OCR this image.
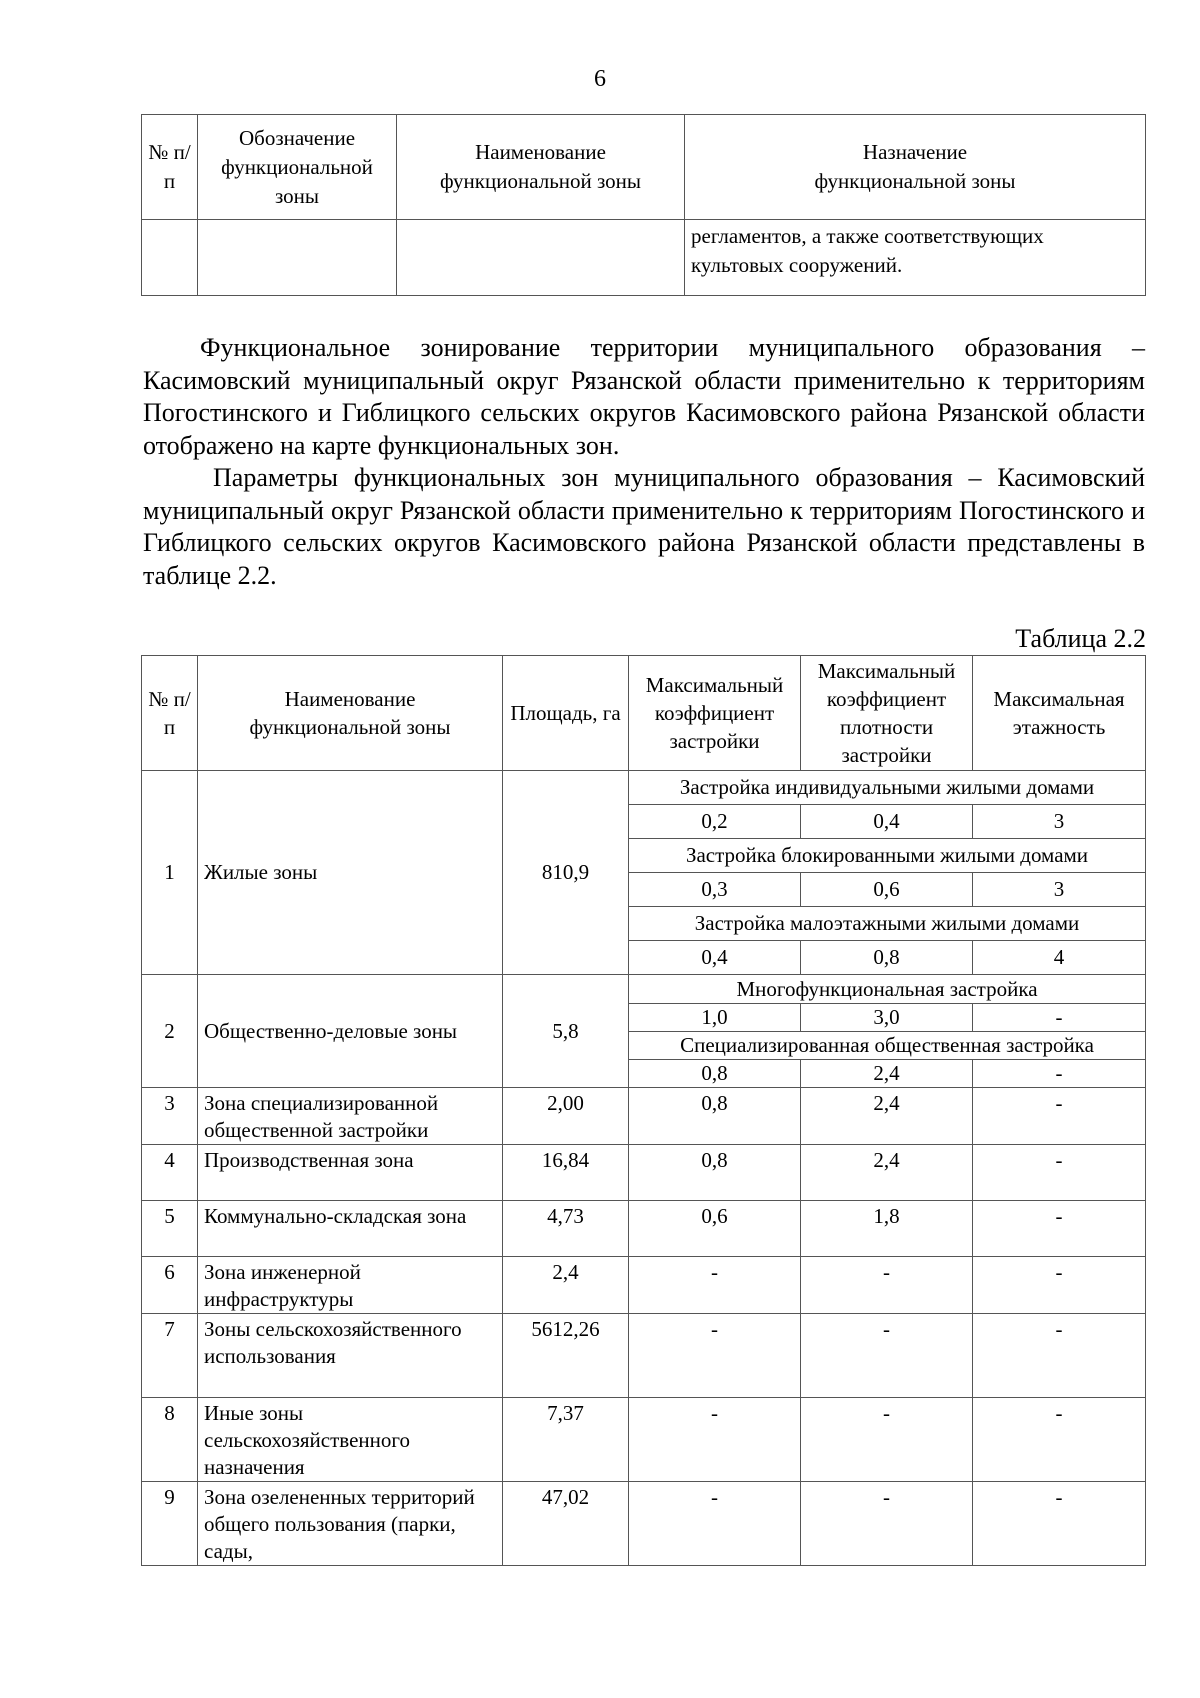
6
№ п/п	Обозначение функциональной зоны	Наименование функциональной зоны	Назначение функциональной зоны
			регламентов, а также соответствующих культовых сооружений.

Функциональное зонирование территории муниципального образования – Касимовский муниципальный округ Рязанской области применительно к территориям Погостинского и Гиблицкого сельских округов Касимовского района Рязанской области отображено на карте функциональных зон.

Параметры функциональных зон муниципального образования – Касимовский муниципальный округ Рязанской области применительно к территориям Погостинского и Гиблицкого сельских округов Касимовского района Рязанской области представлены в таблице 2.2.

Таблица 2.2
№ п/п	Наименование функциональной зоны	Площадь, га	Максимальный коэффициент застройки	Максимальный коэффициент плотности застройки	Максимальная этажность
1	Жилые зоны	810,9	Застройка индивидуальными жилыми домами		
			0,2	0,4	3
			Застройка блокированными жилыми домами		
			0,3	0,6	3
			Застройка малоэтажными жилыми домами		
			0,4	0,8	4
2	Общественно-деловые зоны	5,8	Многофункциональная застройка		
			1,0	3,0	-
			Специализированная общественная застройка		
			0,8	2,4	-
3	Зона специализированной общественной застройки	2,00	0,8	2,4	-
4	Производственная зона	16,84	0,8	2,4	-
5	Коммунально-складская зона	4,73	0,6	1,8	-
6	Зона инженерной инфраструктуры	2,4	-	-	-
7	Зоны сельскохозяйственного использования	5612,26	-	-	-
8	Иные зоны сельскохозяйственного назначения	7,37	-	-	-
9	Зона озелененных территорий общего пользования (парки, сады,	47,02	-	-	-
